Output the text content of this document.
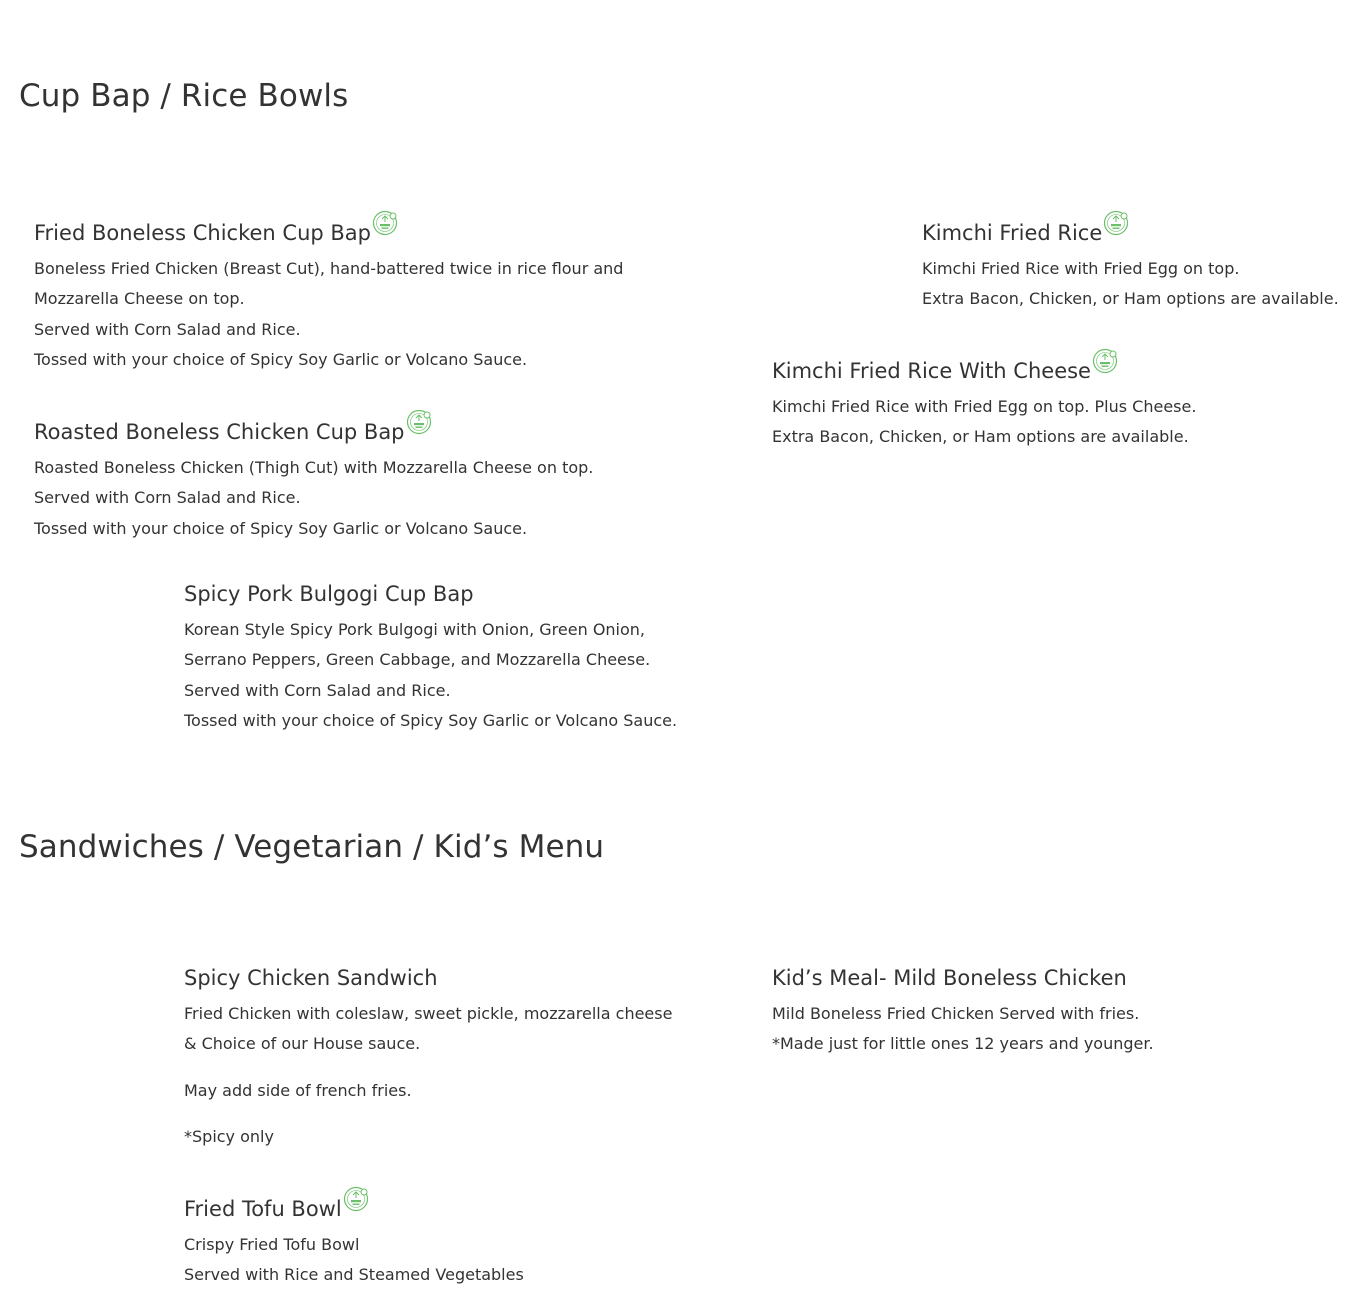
Cup Bap / Rice Bowls
Fried Boneless Chicken Cup Bap
Boneless Fried Chicken (Breast Cut), hand-battered twice in rice flour and
Mozzarella Cheese on top.
Served with Corn Salad and Rice.
Tossed with your choice of Spicy Soy Garlic or Volcano Sauce.
Kimchi Fried Rice
Kimchi Fried Rice with Fried Egg on top.
Extra Bacon, Chicken, or Ham options are available.
Kimchi Fried Rice With Cheese
Kimchi Fried Rice with Fried Egg on top. Plus Cheese.
Extra Bacon, Chicken, or Ham options are available.
Roasted Boneless Chicken Cup Bap
Roasted Boneless Chicken (Thigh Cut) with Mozzarella Cheese on top.
Served with Corn Salad and Rice.
Tossed with your choice of Spicy Soy Garlic or Volcano Sauce.
Spicy Pork Bulgogi Cup Bap
Korean Style Spicy Pork Bulgogi with Onion, Green Onion,
Serrano Peppers, Green Cabbage, and Mozzarella Cheese.
Served with Corn Salad and Rice.
Tossed with your choice of Spicy Soy Garlic or Volcano Sauce.
Sandwiches / Vegetarian / Kid’s Menu
Spicy Chicken Sandwich
Fried Chicken with coleslaw, sweet pickle, mozzarella cheese
& Choice of our House sauce.
May add side of french fries.
*Spicy only
Kid’s Meal- Mild Boneless Chicken
Mild Boneless Fried Chicken Served with fries.
*Made just for little ones 12 years and younger.
Fried Tofu Bowl
Crispy Fried Tofu Bowl
Served with Rice and Steamed Vegetables
